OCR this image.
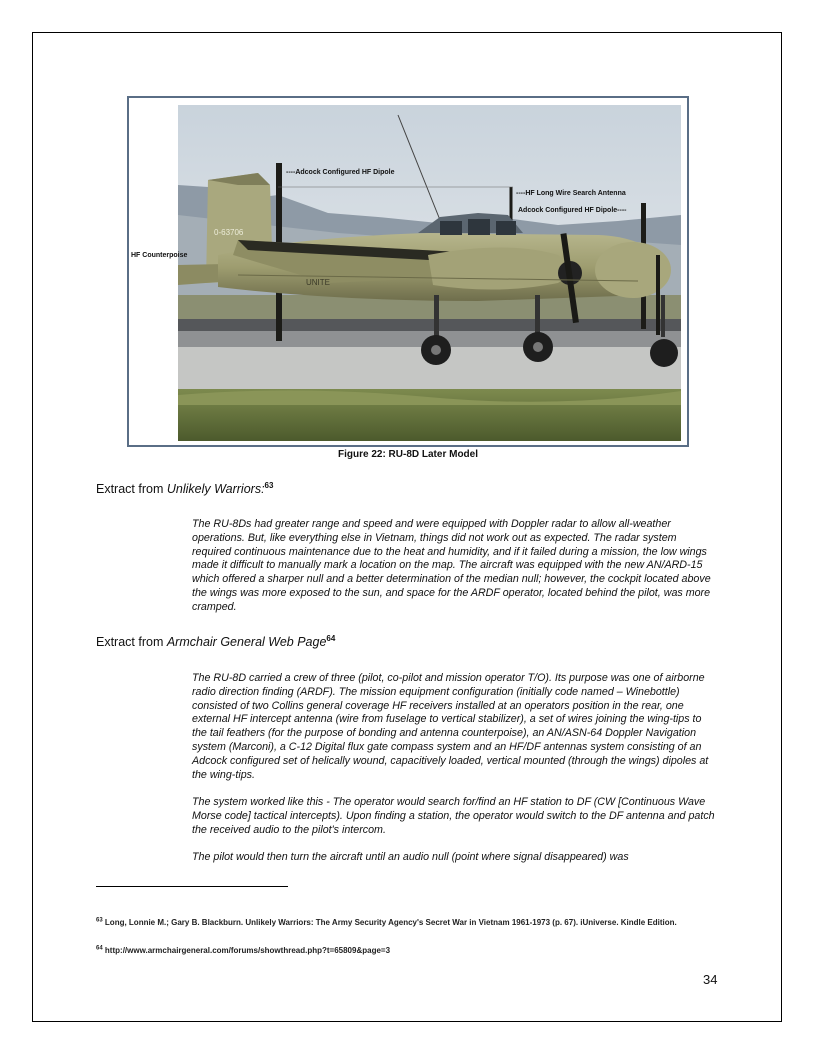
----Adcock Configured HF Dipole
----HF Long Wire Search Antenna
Adcock Configured HF Dipole----
0-63706
UNITE
HF Counterpoise
Figure 22: RU-8D Later Model
Extract from Unlikely Warriors:$^{63}$

The RU-8Ds had greater range and speed and were equipped with Doppler radar to allow all-weather operations. But, like everything else in Vietnam, things did not work out as expected. The radar system required continuous maintenance due to the heat and humidity, and if it failed during a mission, the low wings made it difficult to manually mark a location on the map. The aircraft was equipped with the new AN/ARD-15 which offered a sharper null and a better determination of the median null; however, the cockpit located above the wings was more exposed to the sun, and space for the ARDF operator, located behind the pilot, was more cramped.

Extract from Armchair General Web Page$^{64}$

The RU-8D carried a crew of three (pilot, co-pilot and mission operator T/O). Its purpose was one of airborne radio direction finding (ARDF). The mission equipment configuration (initially code named – Winebottle) consisted of two Collins general coverage HF receivers installed at an operators position in the rear, one external HF intercept antenna (wire from fuselage to vertical stabilizer), a set of wires joining the wing-tips to the tail feathers (for the purpose of bonding and antenna counterpoise), an AN/ASN-64 Doppler Navigation system (Marconi), a C-12 Digital flux gate compass system and an HF/DF antennas system consisting of an Adcock configured set of helically wound, capacitively loaded, vertical mounted (through the wings) dipoles at the wing-tips.

The system worked like this - The operator would search for/find an HF station to DF (CW [Continuous Wave Morse code] tactical intercepts). Upon finding a station, the operator would switch to the DF antenna and patch the received audio to the pilot's intercom.

The pilot would then turn the aircraft until an audio null (point where signal disappeared) was

$^{63}$ Long, Lonnie M.; Gary B. Blackburn. Unlikely Warriors: The Army Security Agency's Secret War in Vietnam 1961-1973 (p. 67). iUniverse. Kindle Edition.

$^{64}$ http://www.armchairgeneral.com/forums/showthread.php?t=65809&page=3

34
